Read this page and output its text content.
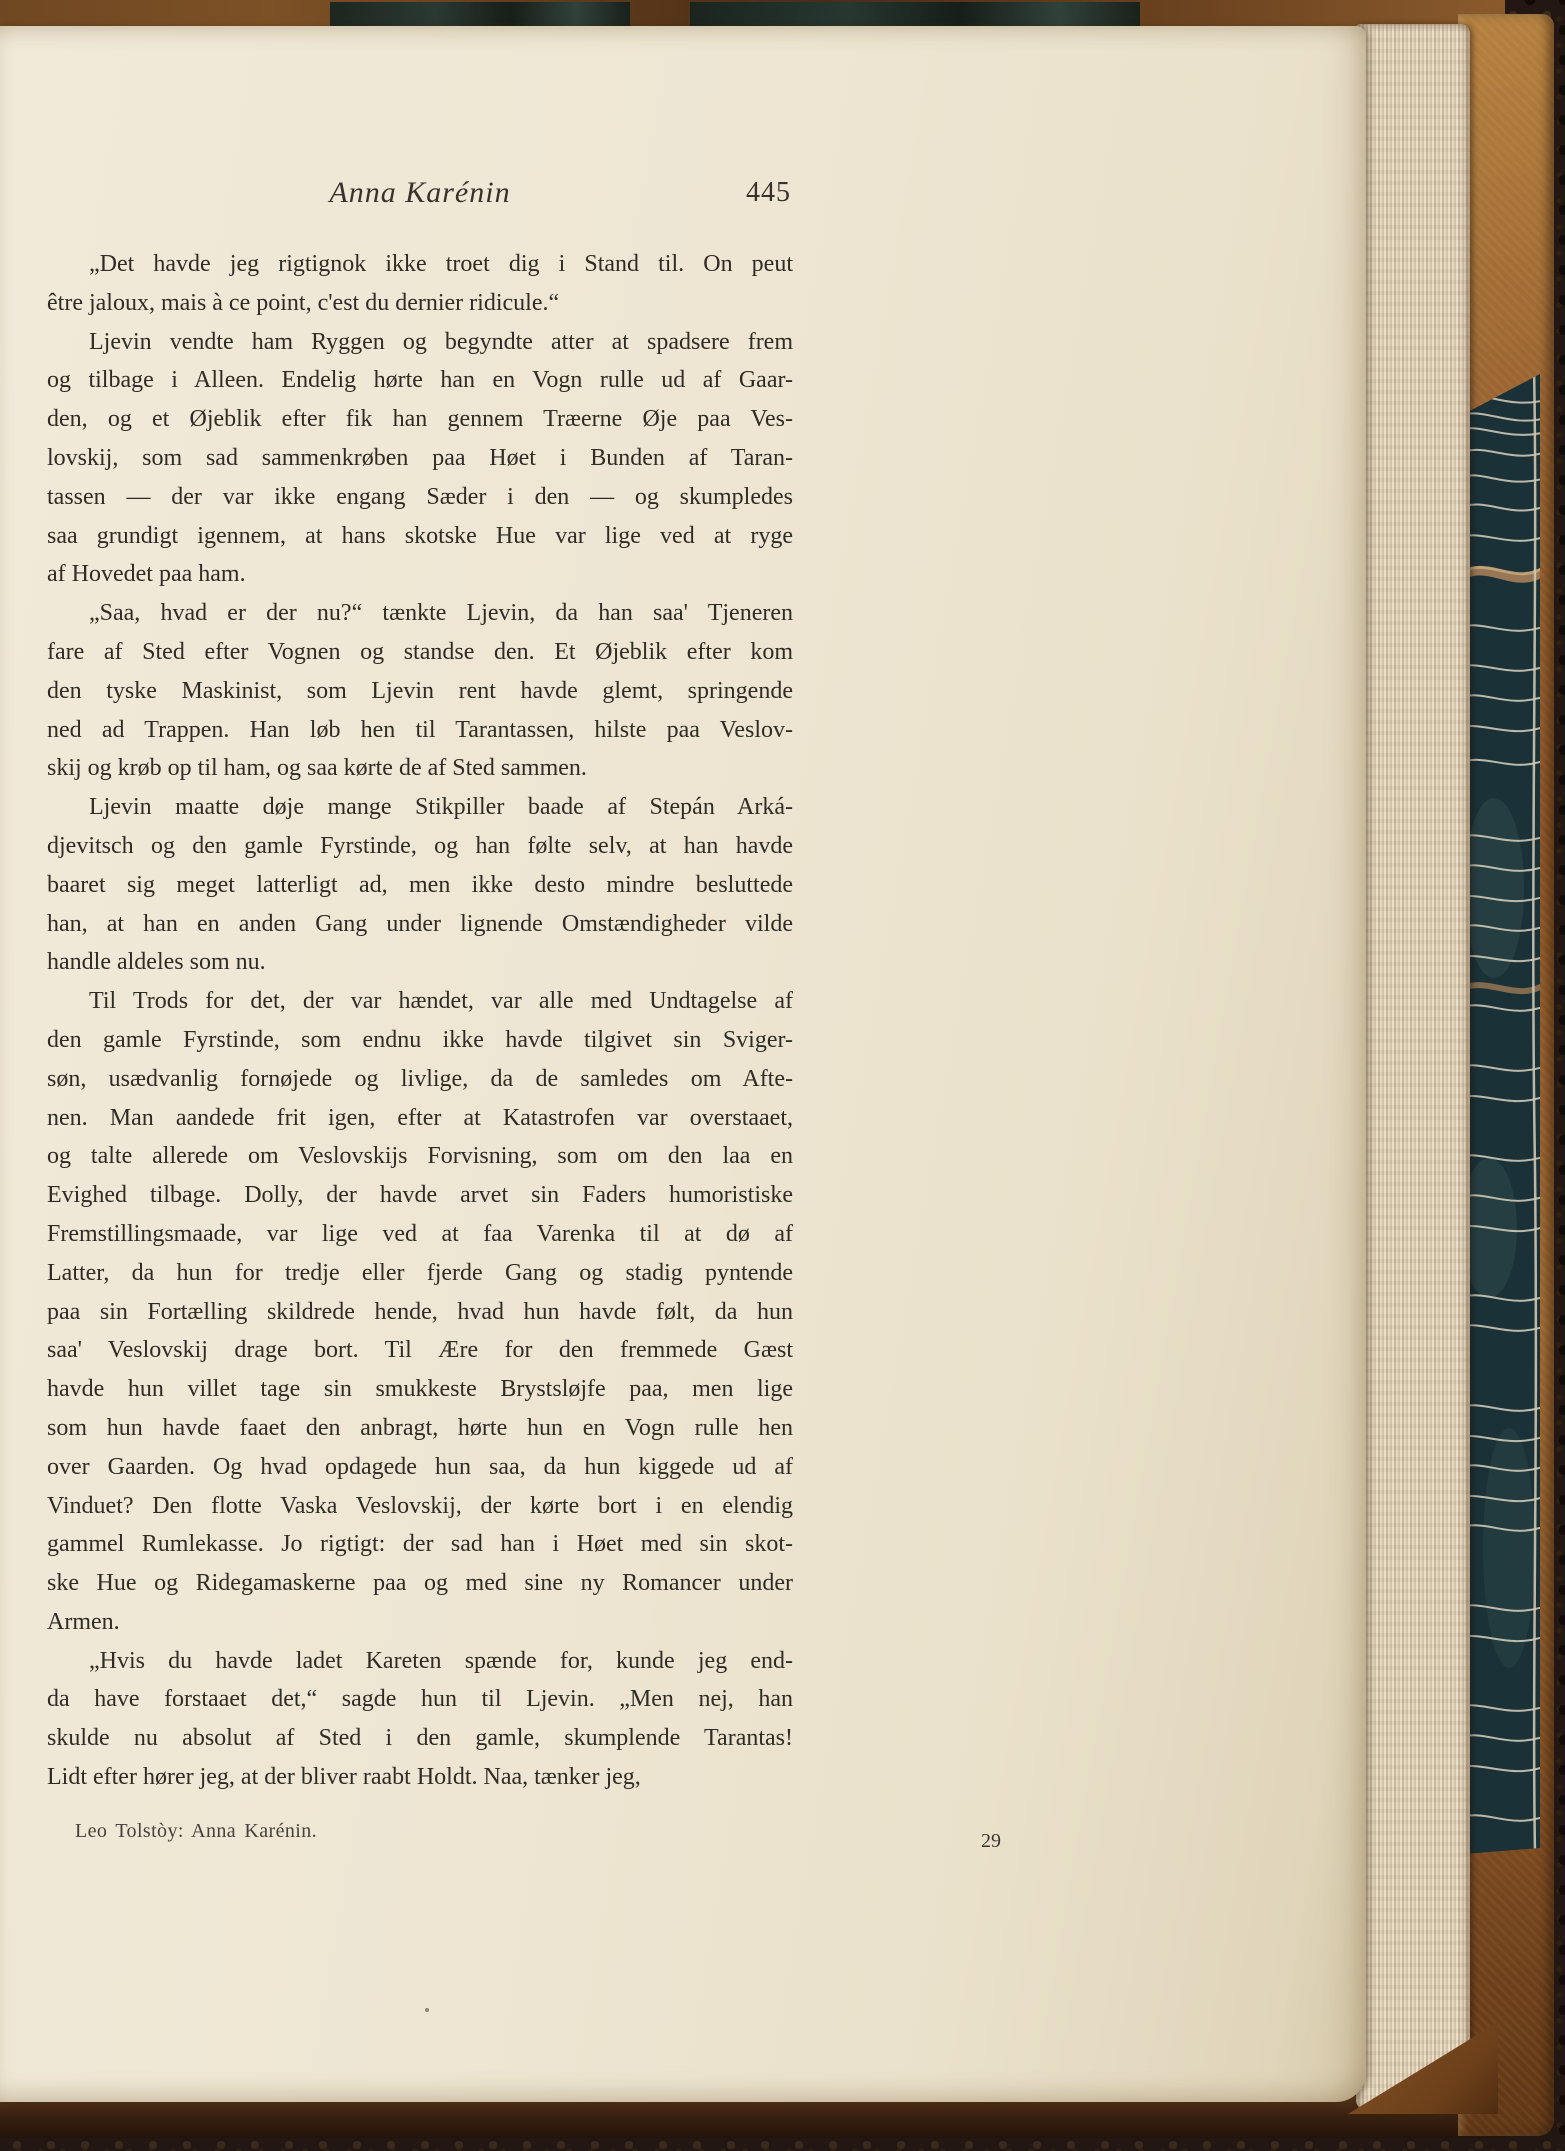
Anna Karénin	445
„Det havde jeg rigtignok ikke troet dig i Stand til. On peut
être jaloux, mais à ce point, c'est du dernier ridicule.“
Ljevin vendte ham Ryggen og begyndte atter at spadsere frem
og tilbage i Alleen. Endelig hørte han en Vogn rulle ud af Gaar-
den, og et Øjeblik efter fik han gennem Træerne Øje paa Ves-
lovskij, som sad sammenkrøben paa Høet i Bunden af Taran-
tassen — der var ikke engang Sæder i den — og skumpledes
saa grundigt igennem, at hans skotske Hue var lige ved at ryge
af Hovedet paa ham.
„Saa, hvad er der nu?“ tænkte Ljevin, da han saa' Tjeneren
fare af Sted efter Vognen og standse den. Et Øjeblik efter kom
den tyske Maskinist, som Ljevin rent havde glemt, springende
ned ad Trappen. Han løb hen til Tarantassen, hilste paa Veslov-
skij og krøb op til ham, og saa kørte de af Sted sammen.
Ljevin maatte døje mange Stikpiller baade af Stepán Arká-
djevitsch og den gamle Fyrstinde, og han følte selv, at han havde
baaret sig meget latterligt ad, men ikke desto mindre besluttede
han, at han en anden Gang under lignende Omstændigheder vilde
handle aldeles som nu.
Til Trods for det, der var hændet, var alle med Undtagelse af
den gamle Fyrstinde, som endnu ikke havde tilgivet sin Sviger-
søn, usædvanlig fornøjede og livlige, da de samledes om Afte-
nen. Man aandede frit igen, efter at Katastrofen var overstaaet,
og talte allerede om Veslovskijs Forvisning, som om den laa en
Evighed tilbage. Dolly, der havde arvet sin Faders humoristiske
Fremstillingsmaade, var lige ved at faa Varenka til at dø af
Latter, da hun for tredje eller fjerde Gang og stadig pyntende
paa sin Fortælling skildrede hende, hvad hun havde følt, da hun
saa' Veslovskij drage bort. Til Ære for den fremmede Gæst
havde hun villet tage sin smukkeste Brystsløjfe paa, men lige
som hun havde faaet den anbragt, hørte hun en Vogn rulle hen
over Gaarden. Og hvad opdagede hun saa, da hun kiggede ud af
Vinduet? Den flotte Vaska Veslovskij, der kørte bort i en elendig
gammel Rumlekasse. Jo rigtigt: der sad han i Høet med sin skot-
ske Hue og Ridegamaskerne paa og med sine ny Romancer under
Armen.
„Hvis du havde ladet Kareten spænde for, kunde jeg end-
da have forstaaet det,“ sagde hun til Ljevin. „Men nej, han
skulde nu absolut af Sted i den gamle, skumplende Tarantas!
Lidt efter hører jeg, at der bliver raabt Holdt. Naa, tænker jeg,
Leo Tolstòy: Anna Karénin.	29
